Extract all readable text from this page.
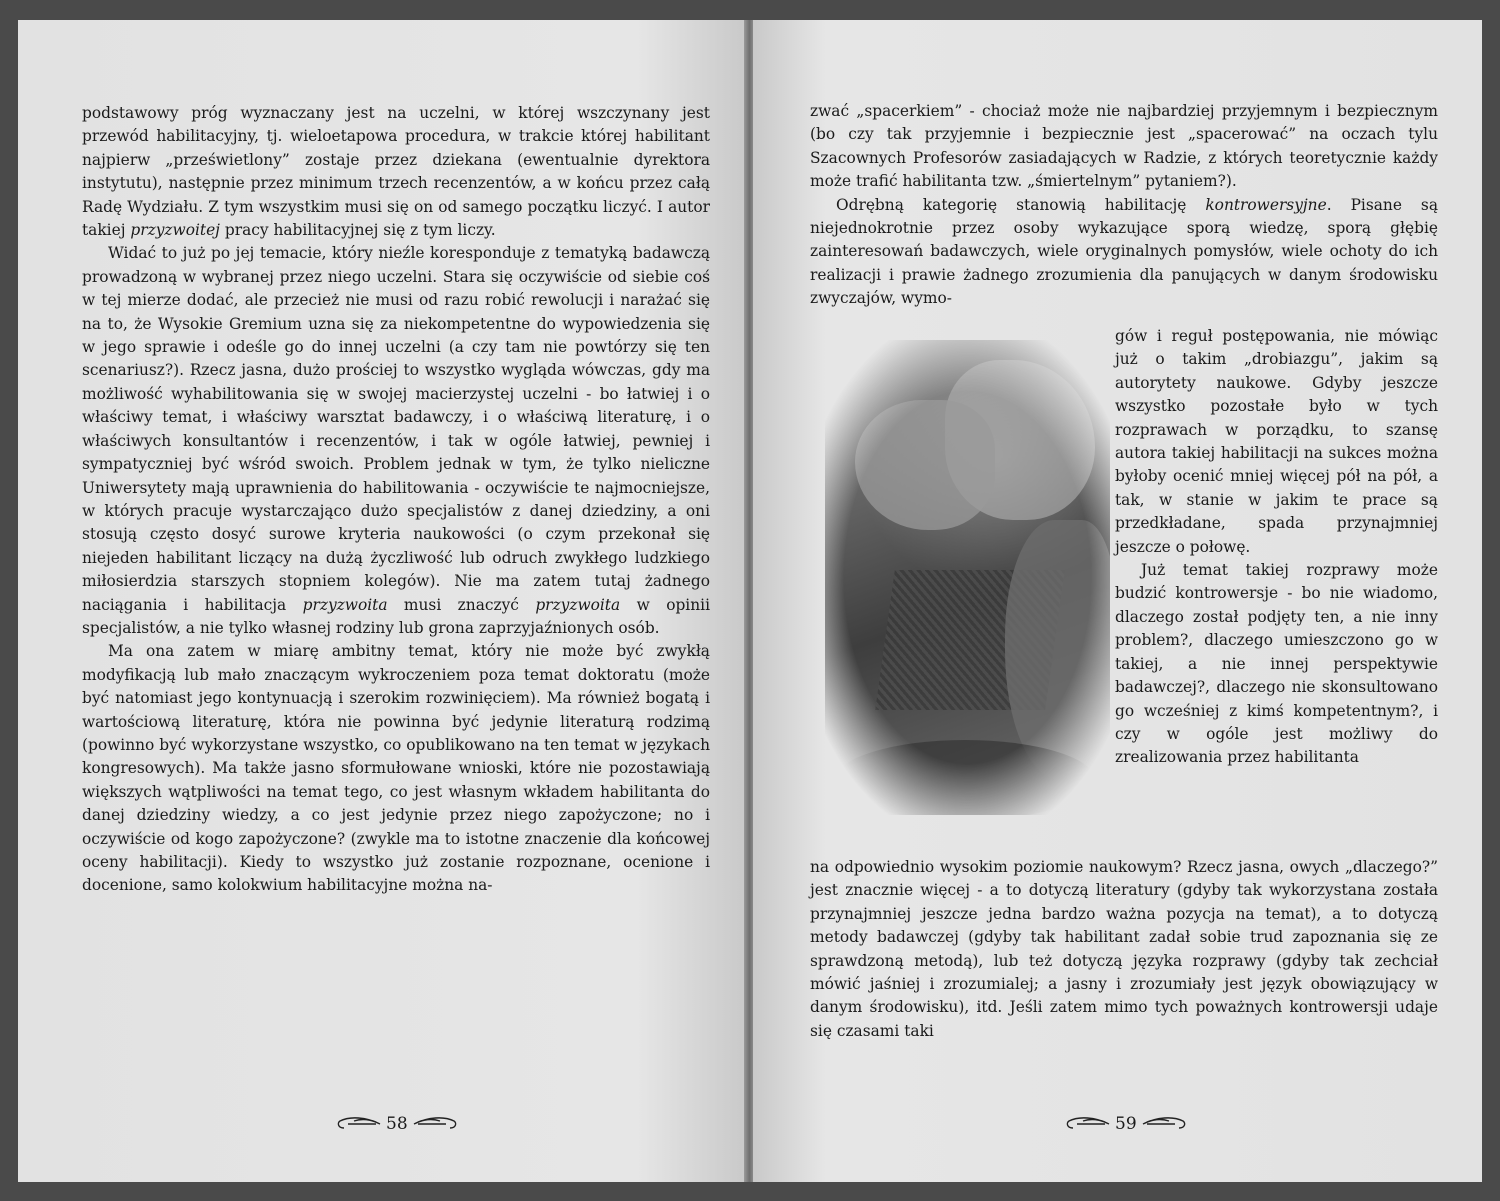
podstawowy próg wyznaczany jest na uczelni, w której wszczynany jest przewód habilitacyjny, tj. wieloetapowa procedura, w trakcie której habilitant najpierw „prześwietlony” zostaje przez dziekana (ewentualnie dyrektora instytutu), następnie przez minimum trzech recenzentów, a w końcu przez całą Radę Wydziału. Z tym wszystkim musi się on od samego początku liczyć. I autor takiej przyzwoitej pracy habilitacyjnej się z tym liczy.

Widać to już po jej temacie, który nieźle koresponduje z tematyką badawczą prowadzoną w wybranej przez niego uczelni. Stara się oczywiście od siebie coś w tej mierze dodać, ale przecież nie musi od razu robić rewolucji i narażać się na to, że Wysokie Gremium uzna się za niekompetentne do wypowiedzenia się w jego sprawie i odeśle go do innej uczelni (a czy tam nie powtórzy się ten scenariusz?). Rzecz jasna, dużo prościej to wszystko wygląda wówczas, gdy ma możliwość wyhabilitowania się w swojej macierzystej uczelni - bo łatwiej i o właściwy temat, i właściwy warsztat badawczy, i o właściwą literaturę, i o właściwych konsultantów i recenzentów, i tak w ogóle łatwiej, pewniej i sympatyczniej być wśród swoich. Problem jednak w tym, że tylko nieliczne Uniwersytety mają uprawnienia do habilitowania - oczywiście te najmocniejsze, w których pracuje wystarczająco dużo specjalistów z danej dziedziny, a oni stosują często dosyć surowe kryteria naukowości (o czym przekonał się niejeden habilitant liczący na dużą życzliwość lub odruch zwykłego ludzkiego miłosierdzia starszych stopniem kolegów). Nie ma zatem tutaj żadnego naciągania i habilitacja przyzwoita musi znaczyć przyzwoita w opinii specjalistów, a nie tylko własnej rodziny lub grona zaprzyjaźnionych osób.

Ma ona zatem w miarę ambitny temat, który nie może być zwykłą modyfikacją lub mało znaczącym wykroczeniem poza temat doktoratu (może być natomiast jego kontynuacją i szerokim rozwinięciem). Ma również bogatą i wartościową literaturę, która nie powinna być jedynie literaturą rodzimą (powinno być wykorzystane wszystko, co opublikowano na ten temat w językach kongresowych). Ma także jasno sformułowane wnioski, które nie pozostawiają większych wątpliwości na temat tego, co jest własnym wkładem habilitanta do danej dziedziny wiedzy, a co jest jedynie przez niego zapożyczone; no i oczywiście od kogo zapożyczone? (zwykle ma to istotne znaczenie dla końcowej oceny habilitacji). Kiedy to wszystko już zostanie rozpoznane, ocenione i docenione, samo kolokwium habilitacyjne można na-

58

zwać „spacerkiem” - chociaż może nie najbardziej przyjemnym i bezpiecznym (bo czy tak przyjemnie i bezpiecznie jest „spacerować” na oczach tylu Szacownych Profesorów zasiadających w Radzie, z których teoretycznie każdy może trafić habilitanta tzw. „śmiertelnym” pytaniem?).

Odrębną kategorię stanowią habilitację kontrowersyjne. Pisane są niejednokrotnie przez osoby wykazujące sporą wiedzę, sporą głębię zainteresowań badawczych, wiele oryginalnych pomysłów, wiele ochoty do ich realizacji i prawie żadnego zrozumienia dla panujących w danym środowisku zwyczajów, wymo-

gów i reguł postępowania, nie mówiąc już o takim „drobiazgu”, jakim są autorytety naukowe. Gdyby jeszcze wszystko pozostałe było w tych rozprawach w porządku, to szansę autora takiej habilitacji na sukces można byłoby ocenić mniej więcej pół na pół, a tak, w stanie w jakim te prace są przedkładane, spada przynajmniej jeszcze o połowę.

Już temat takiej rozprawy może budzić kontrowersje - bo nie wiadomo, dlaczego został podjęty ten, a nie inny problem?, dlaczego umieszczono go w takiej, a nie innej perspektywie badawczej?, dlaczego nie skonsultowano go wcześniej z kimś kompetentnym?, i czy w ogóle jest możliwy do zrealizowania przez habilitanta

na odpowiednio wysokim poziomie naukowym? Rzecz jasna, owych „dlaczego?” jest znacznie więcej - a to dotyczą literatury (gdyby tak wykorzystana została przynajmniej jeszcze jedna bardzo ważna pozycja na temat), a to dotyczą metody badawczej (gdyby tak habilitant zadał sobie trud zapoznania się ze sprawdzoną metodą), lub też dotyczą języka rozprawy (gdyby tak zechciał mówić jaśniej i zrozumialej; a jasny i zrozumiały jest język obowiązujący w danym środowisku), itd. Jeśli zatem mimo tych poważnych kontrowersji udaje się czasami taki

59
